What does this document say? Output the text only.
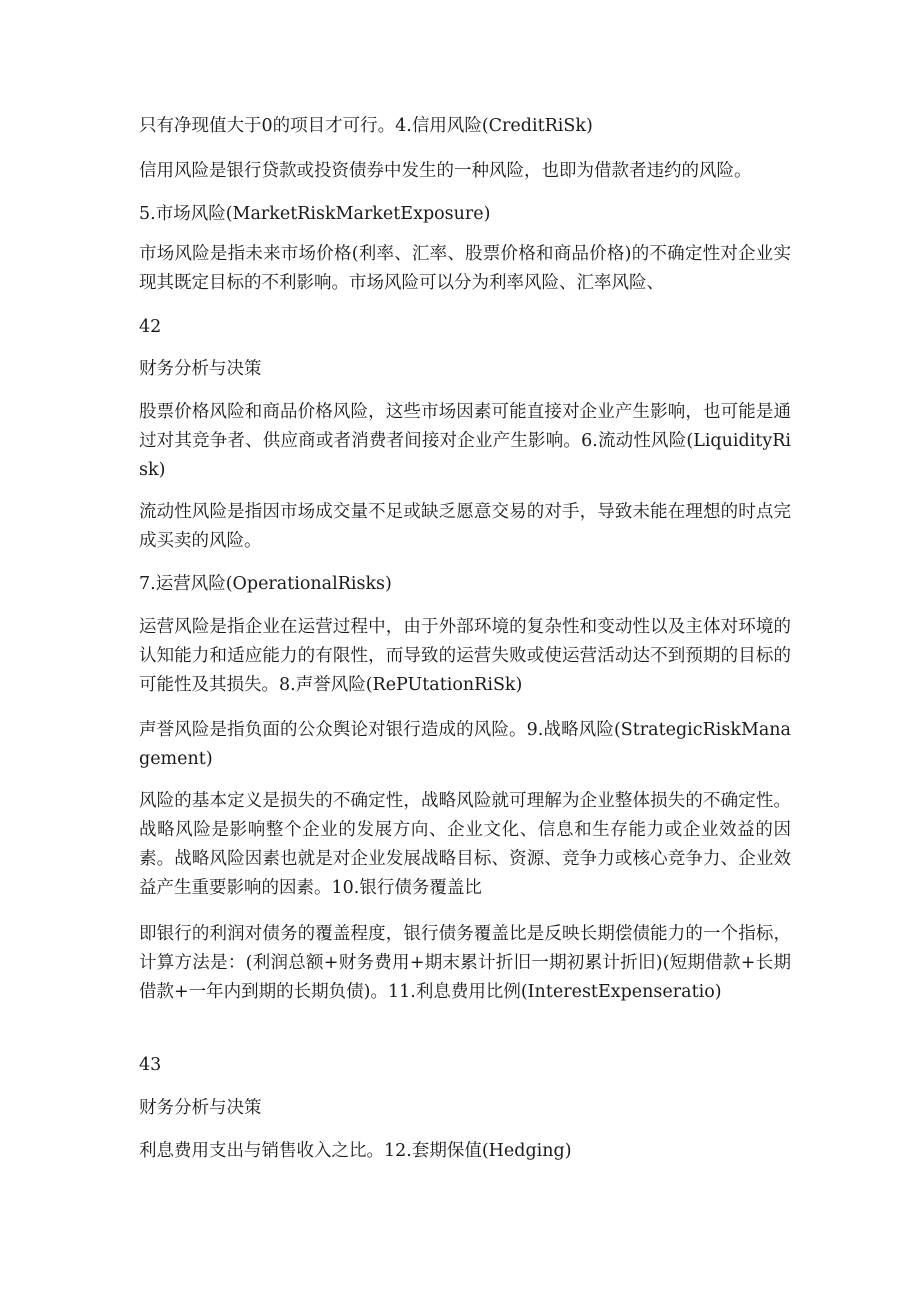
只有净现值大于0的项目才可行。4.信用风险(CreditRiSk)

信用风险是银行贷款或投资债券中发生的一种风险，也即为借款者违约的风险。

5.市场风险(MarketRiskMarketExposure)

市场风险是指未来市场价格(利率、汇率、股票价格和商品价格)的不确定性对企业实现其既定目标的不利影响。市场风险可以分为利率风险、汇率风险、

42

财务分析与决策

股票价格风险和商品价格风险，这些市场因素可能直接对企业产生影响，也可能是通过对其竞争者、供应商或者消费者间接对企业产生影响。6.流动性风险(LiquidityRisk)

流动性风险是指因市场成交量不足或缺乏愿意交易的对手，导致未能在理想的时点完成买卖的风险。

7.运营风险(OperationalRisks)

运营风险是指企业在运营过程中，由于外部环境的复杂性和变动性以及主体对环境的认知能力和适应能力的有限性，而导致的运营失败或使运营活动达不到预期的目标的可能性及其损失。8.声誉风险(RePUtationRiSk)

声誉风险是指负面的公众舆论对银行造成的风险。9.战略风险(StrategicRiskManagement)

风险的基本定义是损失的不确定性，战略风险就可理解为企业整体损失的不确定性。战略风险是影响整个企业的发展方向、企业文化、信息和生存能力或企业效益的因素。战略风险因素也就是对企业发展战略目标、资源、竞争力或核心竞争力、企业效益产生重要影响的因素。10.银行债务覆盖比

即银行的利润对债务的覆盖程度，银行债务覆盖比是反映长期偿债能力的一个指标，计算方法是：(利润总额+财务费用+期末累计折旧一期初累计折旧)(短期借款+长期借款+一年内到期的长期负债)。11.利息费用比例(InterestExpenseratio)

43

财务分析与决策

利息费用支出与销售收入之比。12.套期保值(Hedging)
